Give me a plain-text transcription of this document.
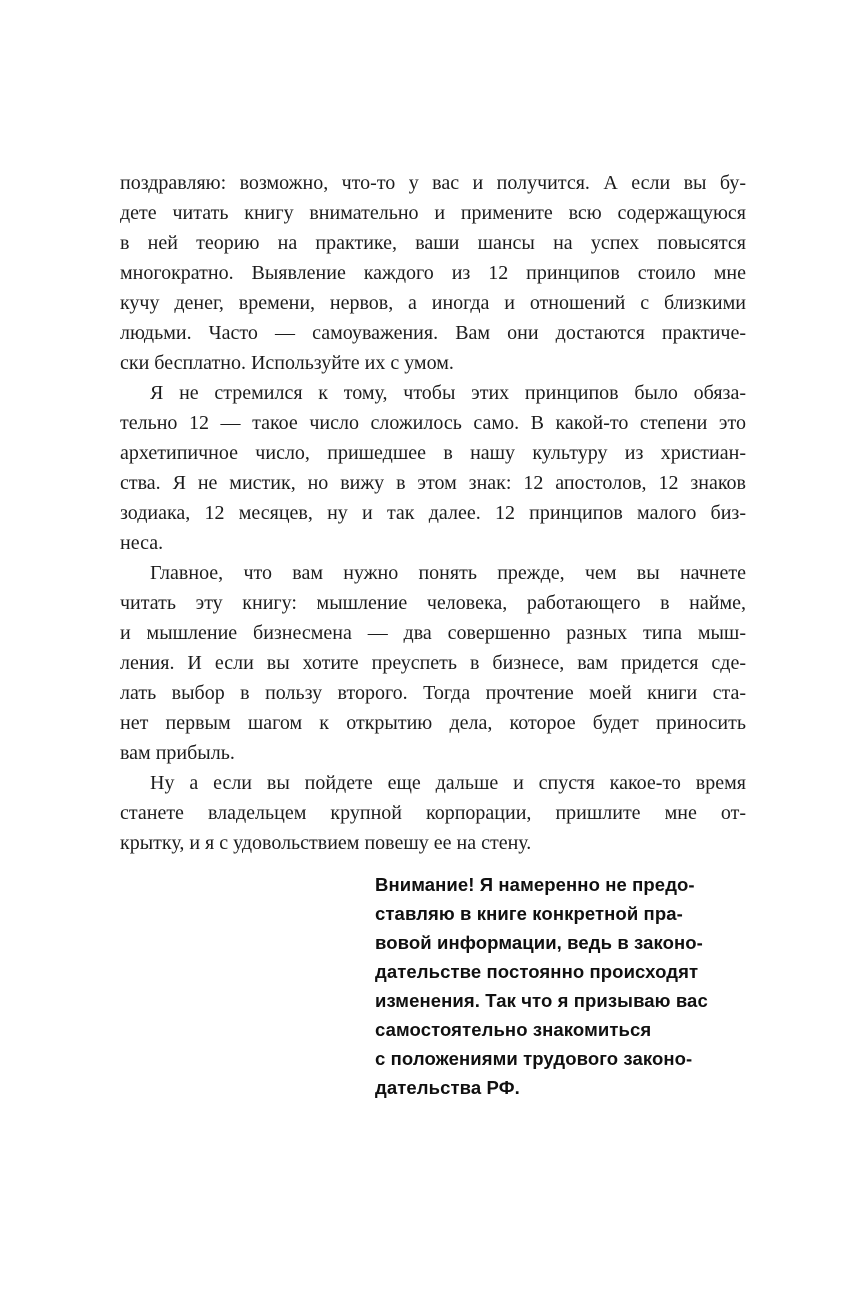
поздравляю: возможно, что-то у вас и получится. А если вы бу-
дете читать книгу внимательно и примените всю содержащуюся
в ней теорию на практике, ваши шансы на успех повысятся
многократно. Выявление каждого из 12 принципов стоило мне
кучу денег, времени, нервов, а иногда и отношений с близкими
людьми. Часто — самоуважения. Вам они достаются практиче-
ски бесплатно. Используйте их с умом.
Я не стремился к тому, чтобы этих принципов было обяза-
тельно 12 — такое число сложилось само. В какой-то степени это
архетипичное число, пришедшее в нашу культуру из христиан-
ства. Я не мистик, но вижу в этом знак: 12 апостолов, 12 знаков
зодиака, 12 месяцев, ну и так далее. 12 принципов малого биз-
неса.
Главное, что вам нужно понять прежде, чем вы начнете
читать эту книгу: мышление человека, работающего в найме,
и мышление бизнесмена — два совершенно разных типа мыш-
ления. И если вы хотите преуспеть в бизнесе, вам придется сде-
лать выбор в пользу второго. Тогда прочтение моей книги ста-
нет первым шагом к открытию дела, которое будет приносить
вам прибыль.
Ну а если вы пойдете еще дальше и спустя какое-то время
станете владельцем крупной корпорации, пришлите мне от-
крытку, и я с удовольствием повешу ее на стену.
Внимание! Я намеренно не предо-
ставляю в книге конкретной пра-
вовой информации, ведь в законо-
дательстве постоянно происходят
изменения. Так что я призываю вас
самостоятельно знакомиться
с положениями трудового законо-
дательства РФ.
